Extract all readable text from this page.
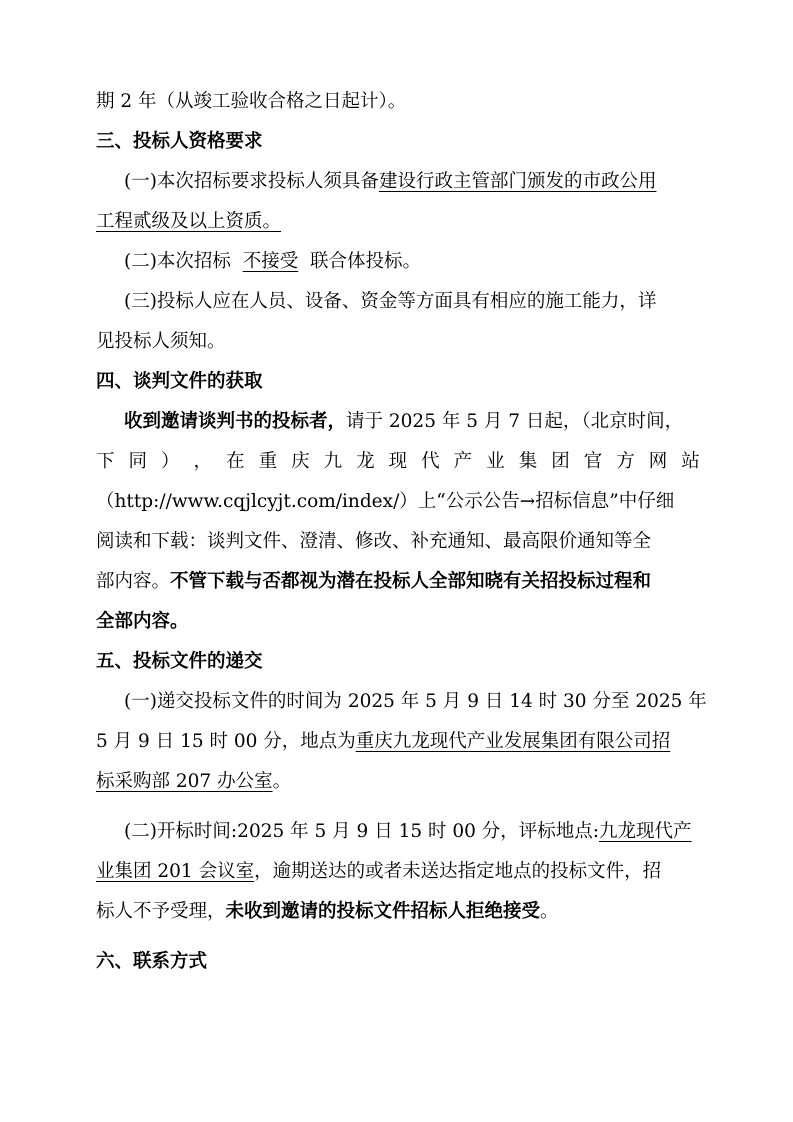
期 2 年（从竣工验收合格之日起计）。
三、投标人资格要求
(一)本次招标要求投标人须具备建设行政主管部门颁发的市政公用
工程贰级及以上资质。
(二)本次招标 不接受 联合体投标。
(三)投标人应在人员、设备、资金等方面具有相应的施工能力，详
见投标人须知。
四、谈判文件的获取
收到邀请谈判书的投标者，请于 2025 年 5 月 7 日起，（北京时间，
下 同 ） ， 在 重 庆 九 龙 现 代 产 业 集 团 官 方 网 站
（http://www.cqjlcyjt.com/index/）上“公示公告→招标信息”中仔细
阅读和下载：谈判文件、澄清、修改、补充通知、最高限价通知等全
部内容。不管下载与否都视为潜在投标人全部知晓有关招投标过程和
全部内容。
五、投标文件的递交
(一)递交投标文件的时间为 2025 年 5 月 9 日 14 时 30 分至 2025 年
5 月 9 日 15 时 00 分，地点为重庆九龙现代产业发展集团有限公司招
标采购部 207 办公室。
(二)开标时间:2025 年 5 月 9 日 15 时 00 分，评标地点:九龙现代产
业集团 201 会议室，逾期送达的或者未送达指定地点的投标文件，招
标人不予受理，未收到邀请的投标文件招标人拒绝接受。
六、联系方式
